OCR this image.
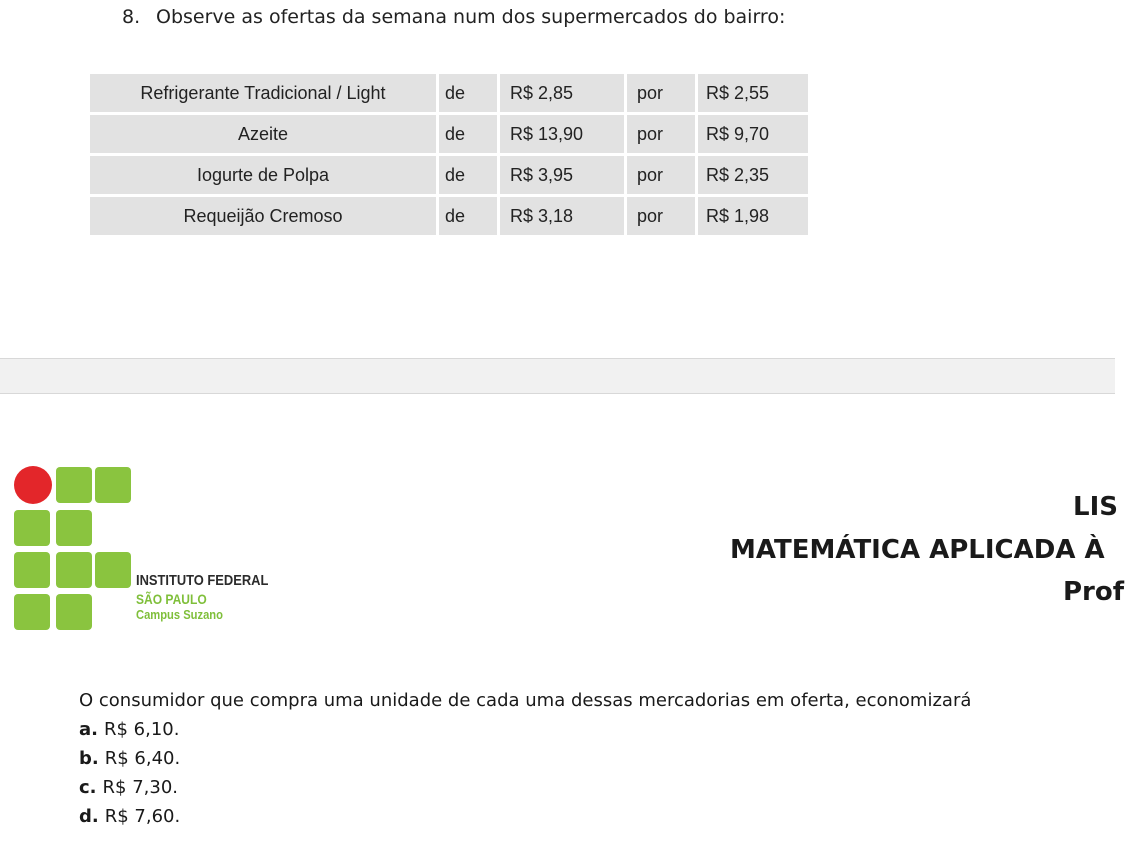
8. Observe as ofertas da semana num dos supermercados do bairro:
Refrigerante Tradicional / Light	de	R$ 2,85	por	R$ 2,55
Azeite	de	R$ 13,90	por	R$ 9,70
Iogurte de Polpa	de	R$ 3,95	por	R$ 2,35
Requeijão Cremoso	de	R$ 3,18	por	R$ 1,98
INSTITUTO FEDERAL
SÃO PAULO
Campus Suzano
LIS
MATEMÁTICA APLICADA À
Prof
O consumidor que compra uma unidade de cada uma dessas mercadorias em oferta, economizará
a. R$ 6,10.
b. R$ 6,40.
c. R$ 7,30.
d. R$ 7,60.
